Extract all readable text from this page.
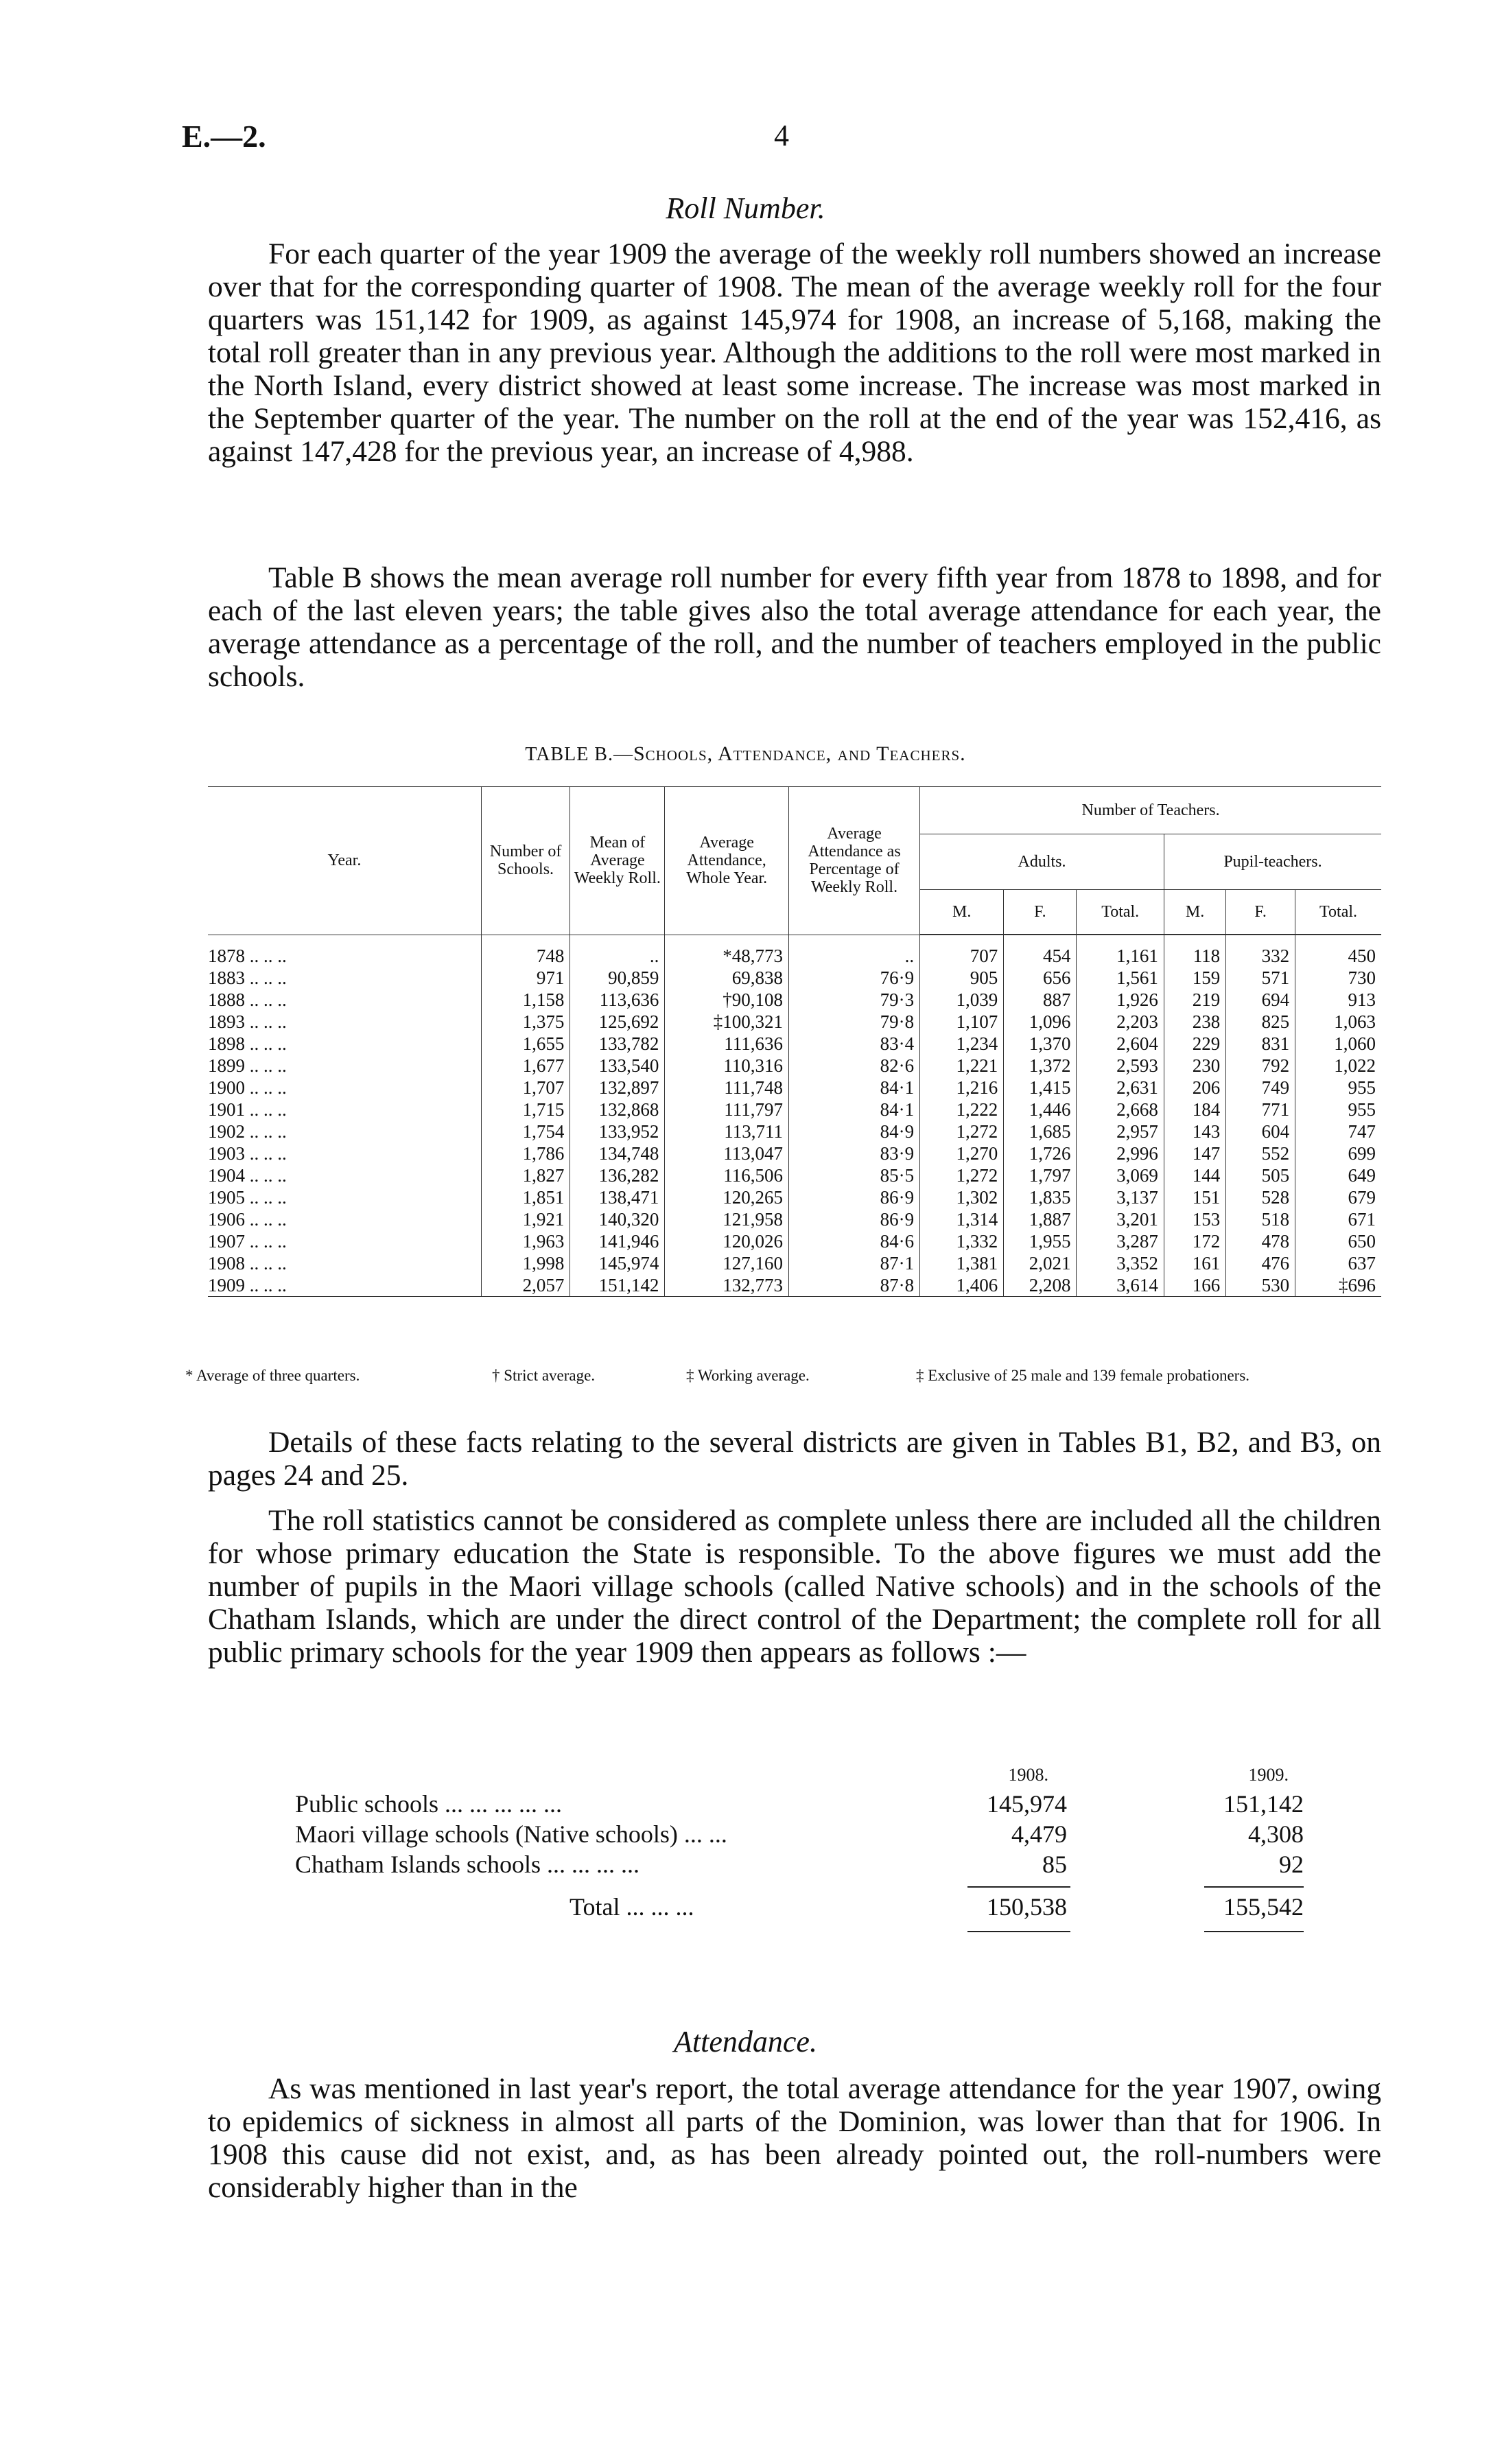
E.—2.	4
Roll Number.

For each quarter of the year 1909 the average of the weekly roll numbers showed an increase over that for the corresponding quarter of 1908. The mean of the average weekly roll for the four quarters was 151,142 for 1909, as against 145,974 for 1908, an increase of 5,168, making the total roll greater than in any previous year. Although the additions to the roll were most marked in the North Island, every district showed at least some increase. The increase was most marked in the September quarter of the year. The number on the roll at the end of the year was 152,416, as against 147,428 for the previous year, an increase of 4,988.

Table B shows the mean average roll number for every fifth year from 1878 to 1898, and for each of the last eleven years; the table gives also the total average attendance for each year, the average attendance as a percentage of the roll, and the number of teachers employed in the public schools.

TABLE B.—Schools, Attendance, and Teachers.
Year.	Number of Schools.	Mean of Average Weekly Roll.	Average Attendance, Whole Year.	Average Attendance as Percentage of Weekly Roll.	Number of Teachers.					
					Adults.			Pupil-teachers.		
					M.	F.	Total.	M.	F.	Total.

1878 .. .. ..	748	..	*48,773	..	707	454	1,161	118	332	450
1883 .. .. ..	971	90,859	69,838	76·9	905	656	1,561	159	571	730
1888 .. .. ..	1,158	113,636	†90,108	79·3	1,039	887	1,926	219	694	913
1893 .. .. ..	1,375	125,692	‡100,321	79·8	1,107	1,096	2,203	238	825	1,063
1898 .. .. ..	1,655	133,782	111,636	83·4	1,234	1,370	2,604	229	831	1,060
1899 .. .. ..	1,677	133,540	110,316	82·6	1,221	1,372	2,593	230	792	1,022
1900 .. .. ..	1,707	132,897	111,748	84·1	1,216	1,415	2,631	206	749	955
1901 .. .. ..	1,715	132,868	111,797	84·1	1,222	1,446	2,668	184	771	955
1902 .. .. ..	1,754	133,952	113,711	84·9	1,272	1,685	2,957	143	604	747
1903 .. .. ..	1,786	134,748	113,047	83·9	1,270	1,726	2,996	147	552	699
1904 .. .. ..	1,827	136,282	116,506	85·5	1,272	1,797	3,069	144	505	649
1905 .. .. ..	1,851	138,471	120,265	86·9	1,302	1,835	3,137	151	528	679
1906 .. .. ..	1,921	140,320	121,958	86·9	1,314	1,887	3,201	153	518	671
1907 .. .. ..	1,963	141,946	120,026	84·6	1,332	1,955	3,287	172	478	650
1908 .. .. ..	1,998	145,974	127,160	87·1	1,381	2,021	3,352	161	476	637
1909 .. .. ..	2,057	151,142	132,773	87·8	1,406	2,208	3,614	166	530	‡696
* Average of three quarters.	† Strict average.	‡ Working average.	‡ Exclusive of 25 male and 139 female probationers.

Details of these facts relating to the several districts are given in Tables B1, B2, and B3, on pages 24 and 25.

The roll statistics cannot be considered as complete unless there are included all the children for whose primary education the State is responsible. To the above figures we must add the number of pupils in the Maori village schools (called Native schools) and in the schools of the Chatham Islands, which are under the direct control of the Department; the complete roll for all public primary schools for the year 1909 then appears as follows :—

1908.	1909.
Public schools ... ... ... ... ...	145,974	151,142
Maori village schools (Native schools) ... ...	4,479	4,308
Chatham Islands schools ... ... ... ...	85	92
Total ... ... ...	150,538	155,542
Attendance.

As was mentioned in last year's report, the total average attendance for the year 1907, owing to epidemics of sickness in almost all parts of the Dominion, was lower than that for 1906. In 1908 this cause did not exist, and, as has been already pointed out, the roll-numbers were considerably higher than in the
